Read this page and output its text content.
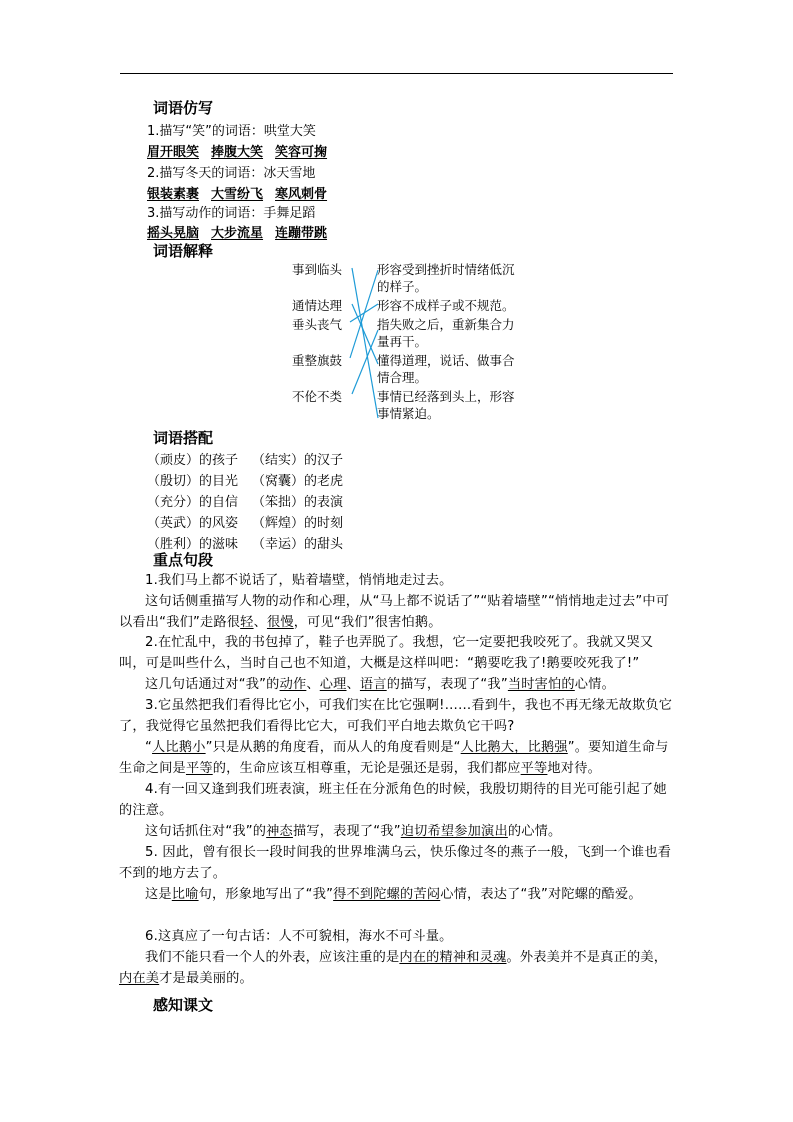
词语仿写
1.描写“笑”的词语：哄堂大笑
眉开眼笑 捧腹大笑 笑容可掬
2.描写冬天的词语：冰天雪地
银装素裹 大雪纷飞 寒风刺骨
3.描写动作的词语：手舞足蹈
摇头晃脑 大步流星 连蹦带跳
词语解释
事到临头
通情达理
垂头丧气
重整旗鼓
不伦不类
形容受到挫折时情绪低沉
的样子。
形容不成样子或不规范。
指失败之后，重新集合力
量再干。
懂得道理，说话、做事合
情合理。
事情已经落到头上，形容
事情紧迫。
词语搭配
（顽皮）的孩子 （结实）的汉子
（殷切）的目光 （窝囊）的老虎
（充分）的自信 （笨拙）的表演
（英武）的风姿 （辉煌）的时刻
（胜利）的滋味 （幸运）的甜头
重点句段
1.我们马上都不说话了，贴着墙壁，悄悄地走过去。
这句话侧重描写人物的动作和心理，从“马上都不说话了”“贴着墙壁”“悄悄地走过去”中可以看出“我们”走路很轻、很慢，可见“我们”很害怕鹅。
2.在忙乱中，我的书包掉了，鞋子也弄脱了。我想，它一定要把我咬死了。我就又哭又叫，可是叫些什么，当时自己也不知道，大概是这样叫吧：“鹅要吃我了!鹅要咬死我了!”
这几句话通过对“我”的动作、心理、语言的描写，表现了“我”当时害怕的心情。
3.它虽然把我们看得比它小，可我们实在比它强啊!……看到牛，我也不再无缘无故欺负它了，我觉得它虽然把我们看得比它大，可我们平白地去欺负它干吗?
“人比鹅小”只是从鹅的角度看，而从人的角度看则是“人比鹅大，比鹅强”。要知道生命与生命之间是平等的，生命应该互相尊重，无论是强还是弱，我们都应平等地对待。
4.有一回又逢到我们班表演，班主任在分派角色的时候，我殷切期待的目光可能引起了她的注意。
这句话抓住对“我”的神态描写，表现了“我”迫切希望参加演出的心情。
5. 因此，曾有很长一段时间我的世界堆满乌云，快乐像过冬的燕子一般，飞到一个谁也看不到的地方去了。
这是比喻句，形象地写出了“我”得不到陀螺的苦闷心情，表达了“我”对陀螺的酷爱。
6.这真应了一句古话：人不可貌相，海水不可斗量。
我们不能只看一个人的外表，应该注重的是内在的精神和灵魂。外表美并不是真正的美，内在美才是最美丽的。
感知课文
